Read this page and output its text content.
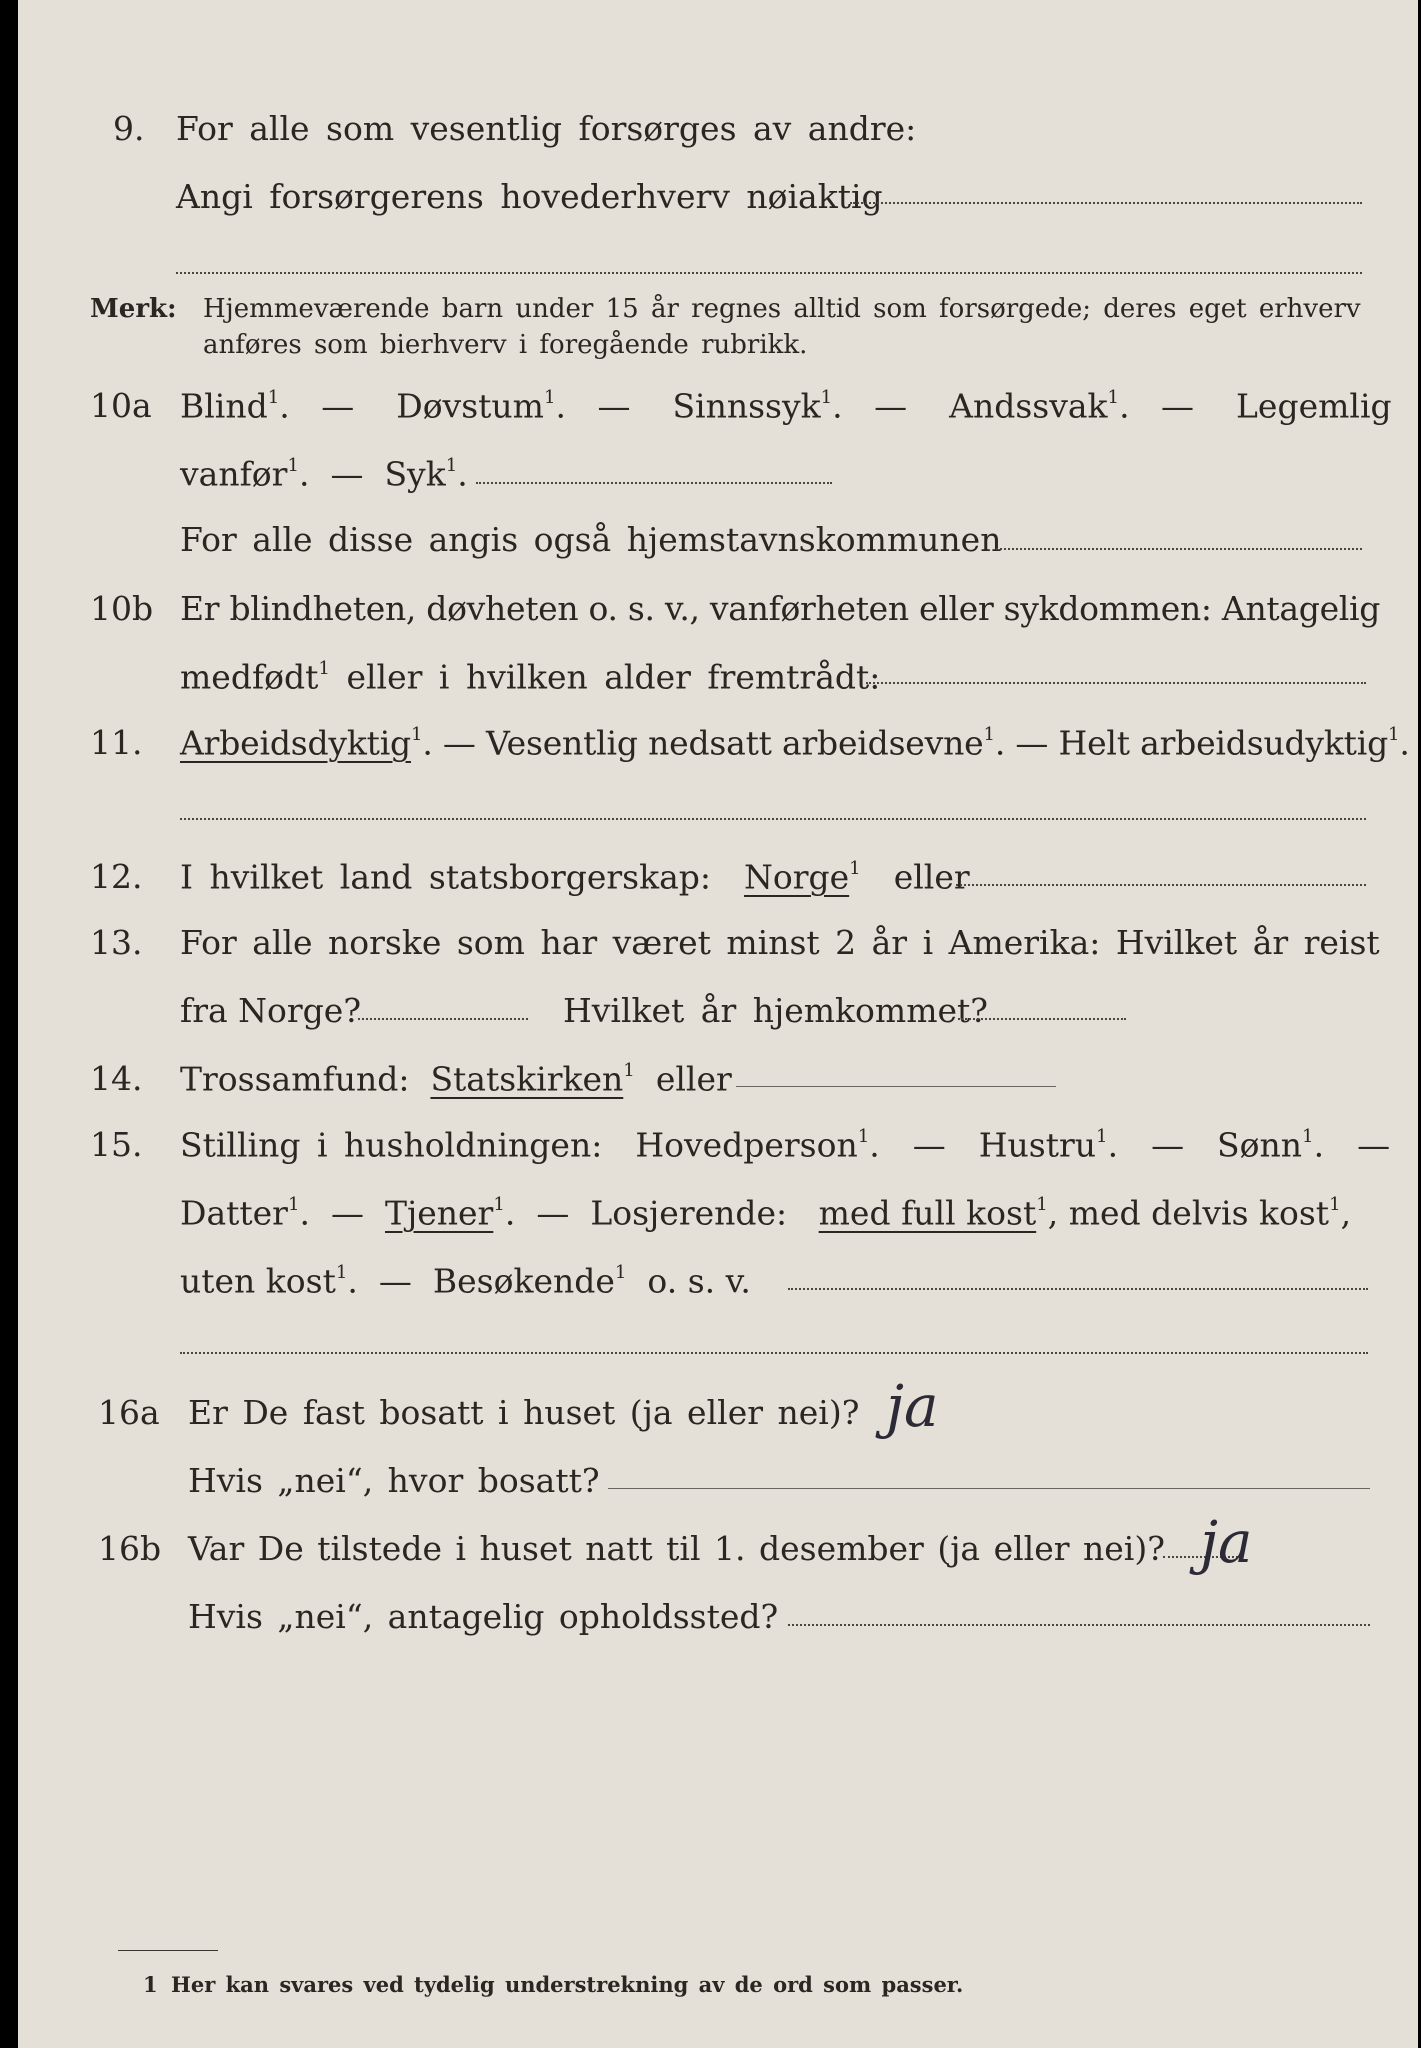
9. For alle som vesentlig forsørges av andre:
Angi forsørgerens hovederhverv nøiaktig
Merk: Hjemmeværende barn under 15 år regnes alltid som forsørgede; deres eget erhverv
anføres som bierhverv i foregående rubrikk.
10a Blind$^1$.   — Døvstum$^1$.   — Sinnssyk$^1$.   — Andssvak$^1$.   — Legemlig
vanfør$^1$.  — Syk$^1$.
For alle disse angis også hjemstavnskommunen
10b Er blindheten, døvheten o. s. v., vanførheten eller sykdommen: Antagelig
medfødt$^1$ eller i hvilken alder fremtrådt:
11. Arbeidsdyktig$^1$. — Vesentlig nedsatt arbeidsevne$^1$. — Helt arbeidsudyktig$^1$.
12. I hvilket land statsborgerskap: Norge$^1$ eller
13. For alle norske som har været minst 2 år i Amerika: Hvilket år reist
fra Norge?	Hvilket år hjemkommet?
14. Trossamfund: Statskirken$^1$ eller
15. Stilling i husholdningen: Hovedperson$^1$.  — Hustru$^1$.  — Sønn$^1$.  —
Datter$^1$.  — Tjener$^1$.  — Losjerende: med full kost$^1$, med delvis kost$^1$,
uten kost$^1$.  — Besøkende$^1$ o. s. v.
16a Er De fast bosatt i huset (ja eller nei)? ja
Hvis „nei“, hvor bosatt?
16b Var De tilstede i huset natt til 1. desember (ja eller nei)? ja
Hvis „nei“, antagelig opholdssted?
1 Her kan svares ved tydelig understrekning av de ord som passer.
